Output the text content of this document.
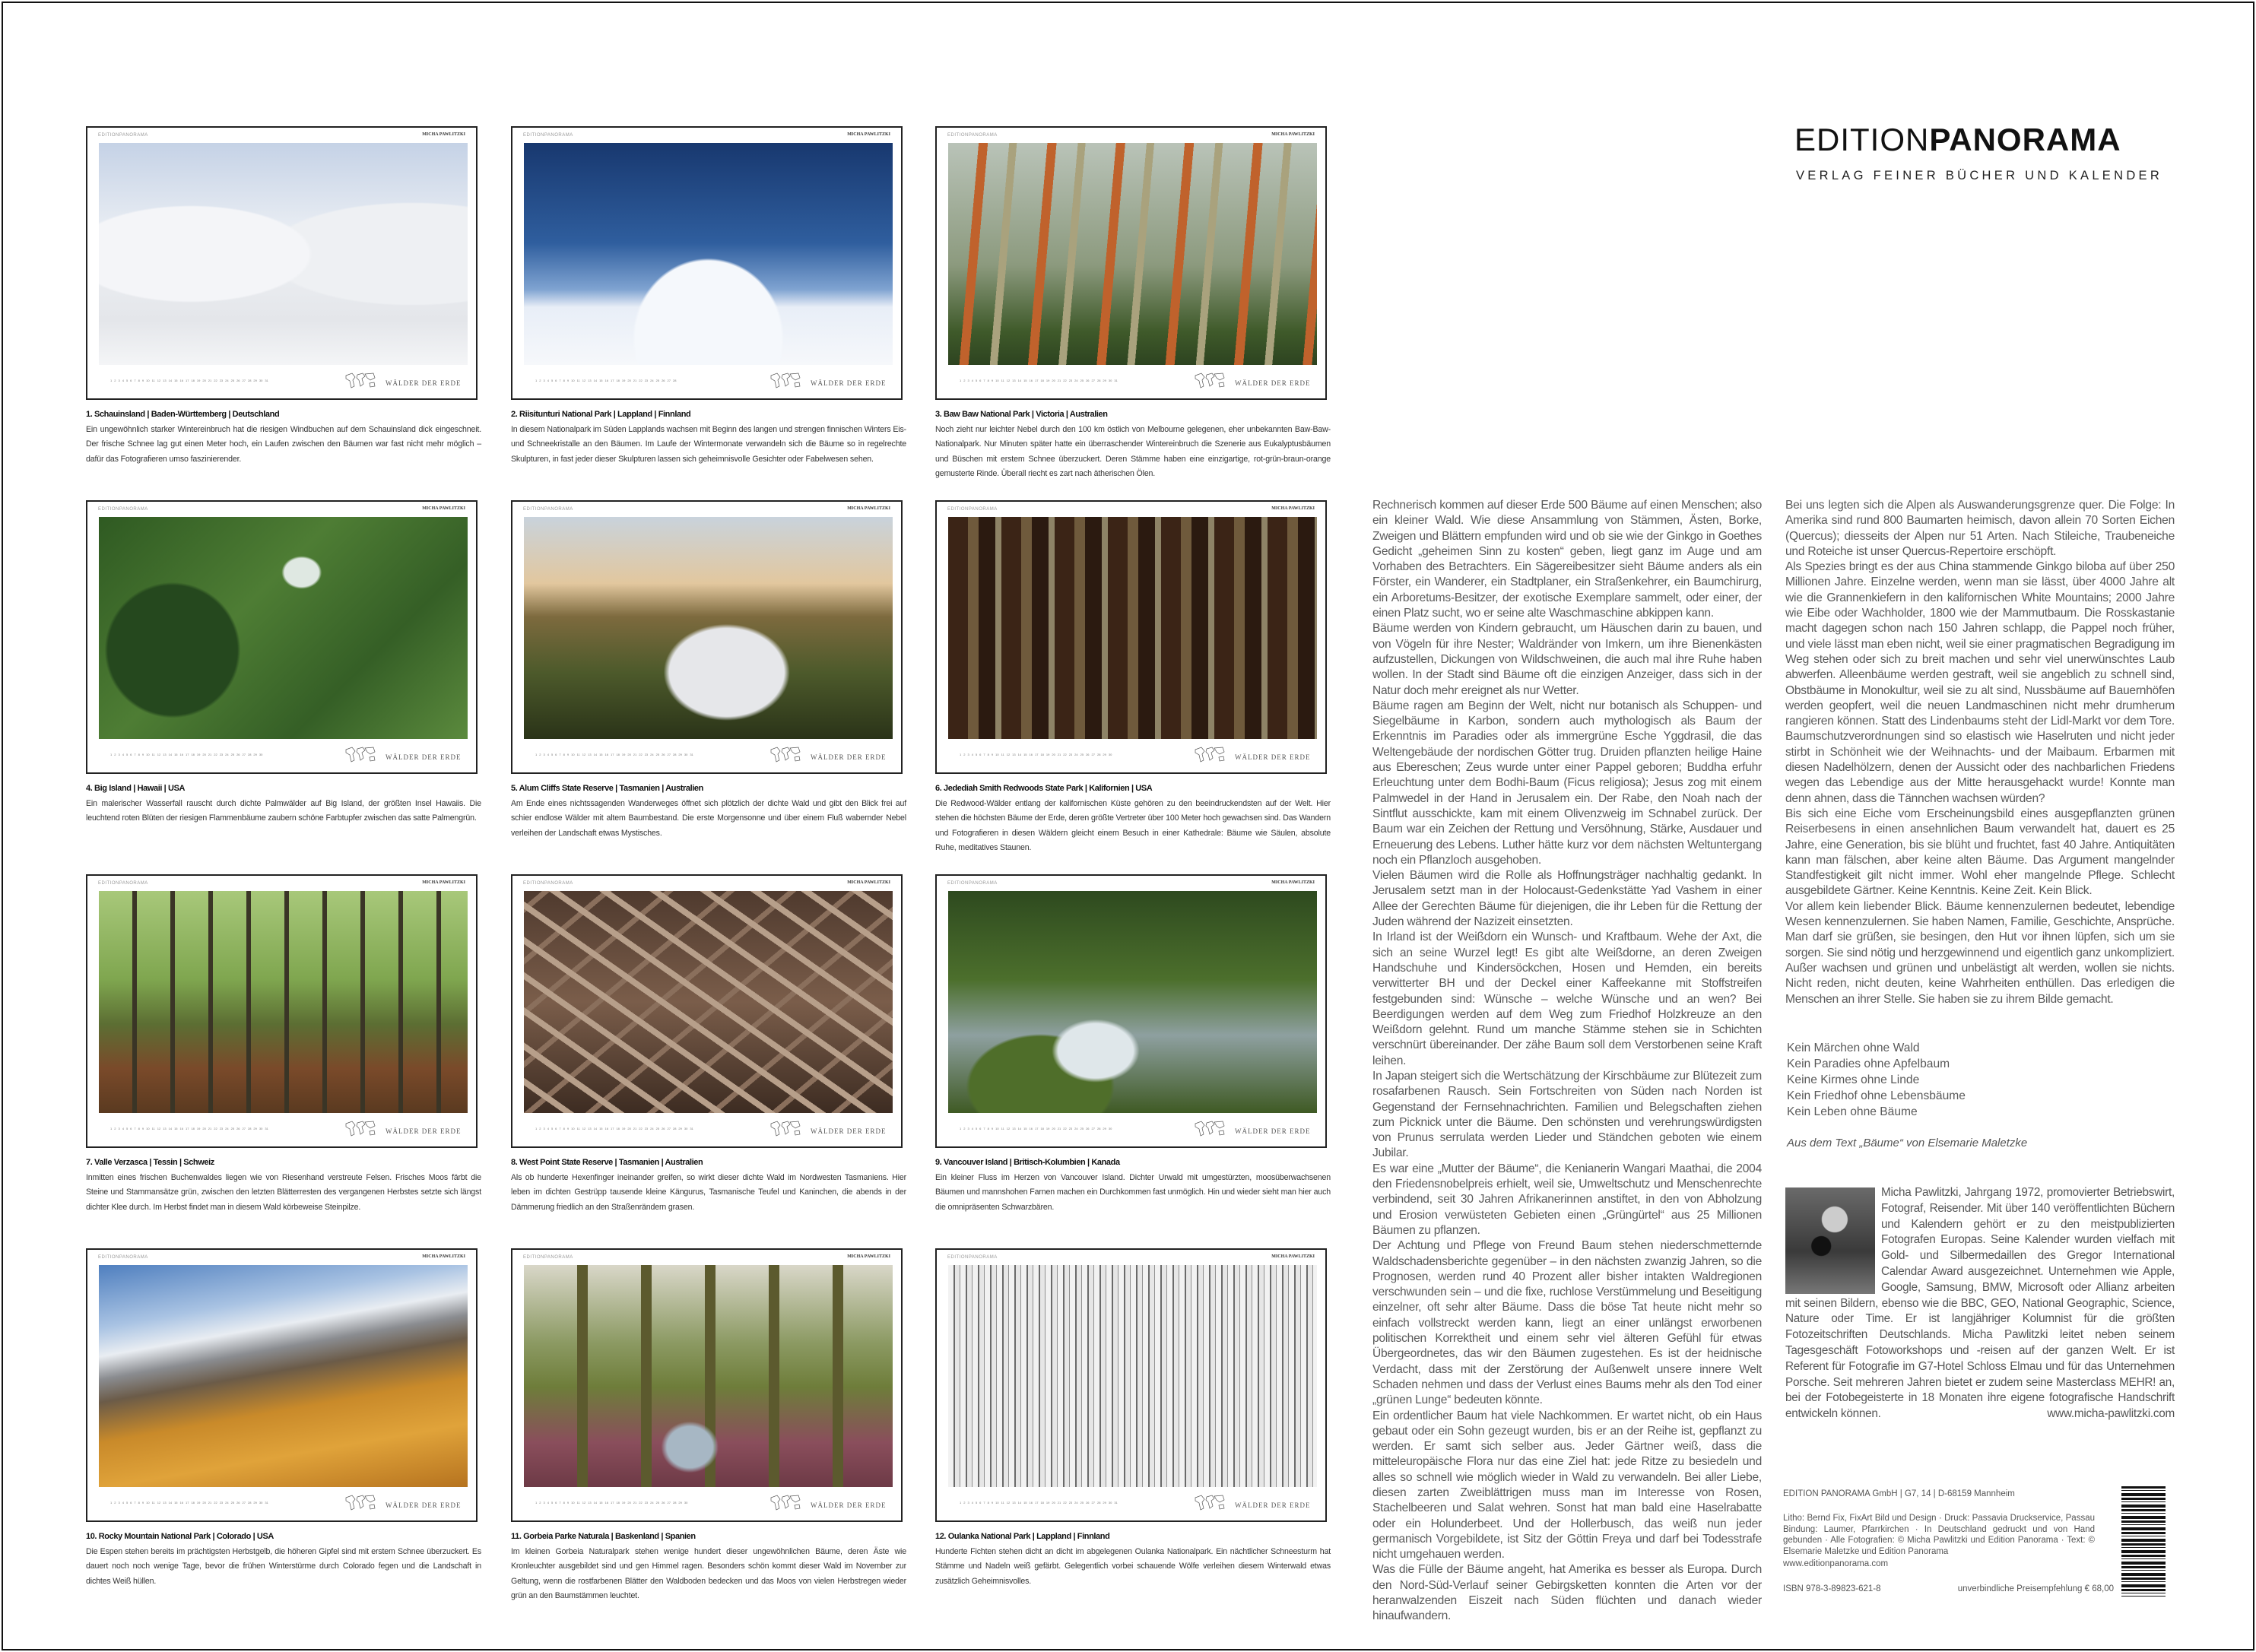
EDITIONPANORAMA	MICHA PAWLITZKI
1 2 3 4 5 6 7 8 9 10 11 12 13 14 15 16 17 18 19 20 21 22 23 24 25 26 27 28 29 30 31	WÄLDER DER ERDE
1. Schauinsland | Baden-Württemberg | Deutschland
Ein ungewöhnlich starker Wintereinbruch hat die riesigen Windbuchen auf dem Schauinsland dick eingeschneit. Der frische Schnee lag gut einen Meter hoch, ein Laufen zwischen den Bäumen war fast nicht mehr möglich – dafür das Fotografieren umso faszinierender.
EDITIONPANORAMA	MICHA PAWLITZKI
1 2 3 4 5 6 7 8 9 10 11 12 13 14 15 16 17 18 19 20 21 22 23 24 25 26 27 28	WÄLDER DER ERDE
2. Riisitunturi National Park | Lappland | Finnland
In diesem Nationalpark im Süden Lapplands wachsen mit Beginn des langen und strengen finnischen Winters Eis- und Schneekristalle an den Bäumen. Im Laufe der Wintermonate verwandeln sich die Bäume so in regelrechte Skulpturen, in fast jeder dieser Skulpturen lassen sich geheimnisvolle Gesichter oder Fabelwesen sehen.
EDITIONPANORAMA	MICHA PAWLITZKI
1 2 3 4 5 6 7 8 9 10 11 12 13 14 15 16 17 18 19 20 21 22 23 24 25 26 27 28 29 30 31	WÄLDER DER ERDE
3. Baw Baw National Park | Victoria | Australien
Noch zieht nur leichter Nebel durch den 100 km östlich von Melbourne gelegenen, eher unbekannten Baw-Baw-Nationalpark. Nur Minuten später hatte ein überraschender Wintereinbruch die Szenerie aus Eukalyptusbäumen und Büschen mit erstem Schnee überzuckert. Deren Stämme haben eine einzigartige, rot-grün-braun-orange gemusterte Rinde. Überall riecht es zart nach ätherischen Ölen.
EDITIONPANORAMA	MICHA PAWLITZKI
1 2 3 4 5 6 7 8 9 10 11 12 13 14 15 16 17 18 19 20 21 22 23 24 25 26 27 28 29 30	WÄLDER DER ERDE
4. Big Island | Hawaii | USA
Ein malerischer Wasserfall rauscht durch dichte Palmwälder auf Big Island, der größten Insel Hawaiis. Die leuchtend roten Blüten der riesigen Flammenbäume zaubern schöne Farbtupfer zwischen das satte Palmengrün.
EDITIONPANORAMA	MICHA PAWLITZKI
1 2 3 4 5 6 7 8 9 10 11 12 13 14 15 16 17 18 19 20 21 22 23 24 25 26 27 28 29 30 31	WÄLDER DER ERDE
5. Alum Cliffs State Reserve | Tasmanien | Australien
Am Ende eines nichtssagenden Wanderweges öffnet sich plötzlich der dichte Wald und gibt den Blick frei auf schier endlose Wälder mit altem Baumbestand. Die erste Morgensonne und über einem Fluß wabernder Nebel verleihen der Landschaft etwas Mystisches.
EDITIONPANORAMA	MICHA PAWLITZKI
1 2 3 4 5 6 7 8 9 10 11 12 13 14 15 16 17 18 19 20 21 22 23 24 25 26 27 28 29 30	WÄLDER DER ERDE
6. Jedediah Smith Redwoods State Park | Kalifornien | USA
Die Redwood-Wälder entlang der kalifornischen Küste gehören zu den beeindruckendsten auf der Welt. Hier stehen die höchsten Bäume der Erde, deren größte Vertreter über 100 Meter hoch gewachsen sind. Das Wandern und Fotografieren in diesen Wäldern gleicht einem Besuch in einer Kathedrale: Bäume wie Säulen, absolute Ruhe, meditatives Staunen.
EDITIONPANORAMA	MICHA PAWLITZKI
1 2 3 4 5 6 7 8 9 10 11 12 13 14 15 16 17 18 19 20 21 22 23 24 25 26 27 28 29 30 31	WÄLDER DER ERDE
7. Valle Verzasca | Tessin | Schweiz
Inmitten eines frischen Buchenwaldes liegen wie von Riesenhand verstreute Felsen. Frisches Moos färbt die Steine und Stammansätze grün, zwischen den letzten Blätterresten des vergangenen Herbstes setzte sich längst dichter Klee durch. Im Herbst findet man in diesem Wald körbeweise Steinpilze.
EDITIONPANORAMA	MICHA PAWLITZKI
1 2 3 4 5 6 7 8 9 10 11 12 13 14 15 16 17 18 19 20 21 22 23 24 25 26 27 28 29 30 31	WÄLDER DER ERDE
8. West Point State Reserve | Tasmanien | Australien
Als ob hunderte Hexenfinger ineinander greifen, so wirkt dieser dichte Wald im Nordwesten Tasmaniens. Hier leben im dichten Gestrüpp tausende kleine Kängurus, Tasmanische Teufel und Kaninchen, die abends in der Dämmerung friedlich an den Straßenrändern grasen.
EDITIONPANORAMA	MICHA PAWLITZKI
1 2 3 4 5 6 7 8 9 10 11 12 13 14 15 16 17 18 19 20 21 22 23 24 25 26 27 28 29 30	WÄLDER DER ERDE
9. Vancouver Island | Britisch-Kolumbien | Kanada
Ein kleiner Fluss im Herzen von Vancouver Island. Dichter Urwald mit umgestürzten, moosüberwachsenen Bäumen und mannshohen Farnen machen ein Durchkommen fast unmöglich. Hin und wieder sieht man hier auch die omnipräsenten Schwarzbären.
EDITIONPANORAMA	MICHA PAWLITZKI
1 2 3 4 5 6 7 8 9 10 11 12 13 14 15 16 17 18 19 20 21 22 23 24 25 26 27 28 29 30 31	WÄLDER DER ERDE
10. Rocky Mountain National Park | Colorado | USA
Die Espen stehen bereits im prächtigsten Herbstgelb, die höheren Gipfel sind mit erstem Schnee überzuckert. Es dauert noch noch wenige Tage, bevor die frühen Winterstürme durch Colorado fegen und die Landschaft in dichtes Weiß hüllen.
EDITIONPANORAMA	MICHA PAWLITZKI
1 2 3 4 5 6 7 8 9 10 11 12 13 14 15 16 17 18 19 20 21 22 23 24 25 26 27 28 29 30	WÄLDER DER ERDE
11. Gorbeia Parke Naturala | Baskenland | Spanien
Im kleinen Gorbeia Naturalpark stehen wenige hundert dieser ungewöhnlichen Bäume, deren Äste wie Kronleuchter ausgebildet sind und gen Himmel ragen. Besonders schön kommt dieser Wald im November zur Geltung, wenn die rostfarbenen Blätter den Waldboden bedecken und das Moos von vielen Herbstregen wieder grün an den Baumstämmen leuchtet.
EDITIONPANORAMA	MICHA PAWLITZKI
1 2 3 4 5 6 7 8 9 10 11 12 13 14 15 16 17 18 19 20 21 22 23 24 25 26 27 28 29 30 31	WÄLDER DER ERDE
12. Oulanka National Park | Lappland | Finnland
Hunderte Fichten stehen dicht an dicht im abgelegenen Oulanka Nationalpark. Ein nächtlicher Schneesturm hat Stämme und Nadeln weiß gefärbt. Gelegentlich vorbei schauende Wölfe verleihen diesem Winterwald etwas zusätzlich Geheimnisvolles.
EDITIONPANORAMA
VERLAG FEINER BÜCHER UND KALENDER

Rechnerisch kommen auf dieser Erde 500 Bäume auf einen Menschen; also ein kleiner Wald. Wie diese Ansammlung von Stämmen, Ästen, Borke, Zweigen und Blättern empfunden wird und ob sie wie der Ginkgo in Goethes Gedicht „geheimen Sinn zu kosten“ geben, liegt ganz im Auge und am Vorhaben des Betrachters. Ein Sägereibesitzer sieht Bäume anders als ein Förster, ein Wanderer, ein Stadtplaner, ein Straßenkehrer, ein Baumchirurg, ein Arboretums-Besitzer, der exotische Exemplare sammelt, oder einer, der einen Platz sucht, wo er seine alte Waschmaschine abkippen kann.

Bäume werden von Kindern gebraucht, um Häuschen darin zu bauen, und von Vögeln für ihre Nester; Waldränder von Imkern, um ihre Bienenkästen aufzustellen, Dickungen von Wildschweinen, die auch mal ihre Ruhe haben wollen. In der Stadt sind Bäume oft die einzigen Anzeiger, dass sich in der Natur doch mehr ereignet als nur Wetter.

Bäume ragen am Beginn der Welt, nicht nur botanisch als Schuppen- und Siegelbäume in Karbon, sondern auch mythologisch als Baum der Erkenntnis im Paradies oder als immergrüne Esche Yggdrasil, die das Weltengebäude der nordischen Götter trug. Druiden pflanzten heilige Haine aus Ebereschen; Zeus wurde unter einer Pappel geboren; Buddha erfuhr Erleuchtung unter dem Bodhi-Baum (Ficus religiosa); Jesus zog mit einem Palmwedel in der Hand in Jerusalem ein. Der Rabe, den Noah nach der Sintflut ausschickte, kam mit einem Olivenzweig im Schnabel zurück. Der Baum war ein Zeichen der Rettung und Versöhnung, Stärke, Ausdauer und Erneuerung des Lebens. Luther hätte kurz vor dem nächsten Weltuntergang noch ein Pflanzloch ausgehoben.

Vielen Bäumen wird die Rolle als Hoffnungsträger nachhaltig gedankt. In Jerusalem setzt man in der Holocaust-Gedenkstätte Yad Vashem in einer Allee der Gerechten Bäume für diejenigen, die ihr Leben für die Rettung der Juden während der Nazizeit einsetzten.

In Irland ist der Weißdorn ein Wunsch- und Kraftbaum. Wehe der Axt, die sich an seine Wurzel legt! Es gibt alte Weißdorne, an deren Zweigen Handschuhe und Kindersöckchen, Hosen und Hemden, ein bereits verwitterter BH und der Deckel einer Kaffeekanne mit Stoffstreifen festgebunden sind: Wünsche – welche Wünsche und an wen? Bei Beerdigungen werden auf dem Weg zum Friedhof Holzkreuze an den Weißdorn gelehnt. Rund um manche Stämme stehen sie in Schichten verschnürt übereinander. Der zähe Baum soll dem Verstorbenen seine Kraft leihen.

In Japan steigert sich die Wertschätzung der Kirschbäume zur Blütezeit zum rosafarbenen Rausch. Sein Fortschreiten von Süden nach Norden ist Gegenstand der Fernsehnachrichten. Familien und Belegschaften ziehen zum Picknick unter die Bäume. Den schönsten und verehrungswürdigsten von Prunus serrulata werden Lieder und Ständchen geboten wie einem Jubilar.

Es war eine „Mutter der Bäume“, die Kenianerin Wangari Maathai, die 2004 den Friedensnobelpreis erhielt, weil sie, Umweltschutz und Menschenrechte verbindend, seit 30 Jahren Afrikanerinnen anstiftet, in den von Abholzung und Erosion verwüsteten Gebieten einen „Grüngürtel“ aus 25 Millionen Bäumen zu pflanzen.

Der Achtung und Pflege von Freund Baum stehen niederschmetternde Waldschadensberichte gegenüber – in den nächsten zwanzig Jahren, so die Prognosen, werden rund 40 Prozent aller bisher intakten Waldregionen verschwunden sein – und die fixe, ruchlose Verstümmelung und Beseitigung einzelner, oft sehr alter Bäume. Dass die böse Tat heute nicht mehr so einfach vollstreckt werden kann, liegt an einer unlängst erworbenen politischen Korrektheit und einem sehr viel älteren Gefühl für etwas Übergeordnetes, das wir den Bäumen zugestehen. Es ist der heidnische Verdacht, dass mit der Zerstörung der Außenwelt unsere innere Welt Schaden nehmen und dass der Verlust eines Baums mehr als den Tod einer „grünen Lunge“ bedeuten könnte.

Ein ordentlicher Baum hat viele Nachkommen. Er wartet nicht, ob ein Haus gebaut oder ein Sohn gezeugt wurden, bis er an der Reihe ist, gepflanzt zu werden. Er samt sich selber aus. Jeder Gärtner weiß, dass die mitteleuropäische Flora nur das eine Ziel hat: jede Ritze zu besiedeln und alles so schnell wie möglich wieder in Wald zu verwandeln. Bei aller Liebe, diesen zarten Zweiblättrigen muss man im Interesse von Rosen, Stachelbeeren und Salat wehren. Sonst hat man bald eine Haselrabatte oder ein Holunderbeet. Und der Hollerbusch, das weiß nun jeder germanisch Vorgebildete, ist Sitz der Göttin Freya und darf bei Todesstrafe nicht umgehauen werden.

Was die Fülle der Bäume angeht, hat Amerika es besser als Europa. Durch den Nord-Süd-Verlauf seiner Gebirgsketten konnten die Arten vor der heranwalzenden Eiszeit nach Süden flüchten und danach wieder hinaufwandern.

Bei uns legten sich die Alpen als Auswanderungsgrenze quer. Die Folge: In Amerika sind rund 800 Baumarten heimisch, davon allein 70 Sorten Eichen (Quercus); diesseits der Alpen nur 51 Arten. Nach Stileiche, Traubeneiche und Roteiche ist unser Quercus-Repertoire erschöpft.

Als Spezies bringt es der aus China stammende Ginkgo biloba auf über 250 Millionen Jahre. Einzelne werden, wenn man sie lässt, über 4000 Jahre alt wie die Grannenkiefern in den kalifornischen White Mountains; 2000 Jahre wie Eibe oder Wachholder, 1800 wie der Mammutbaum. Die Rosskastanie macht dagegen schon nach 150 Jahren schlapp, die Pappel noch früher, und viele lässt man eben nicht, weil sie einer pragmatischen Begradigung im Weg stehen oder sich zu breit machen und sehr viel unerwünschtes Laub abwerfen. Alleenbäume werden gestraft, weil sie angeblich zu schnell sind, Obstbäume in Monokultur, weil sie zu alt sind, Nussbäume auf Bauernhöfen werden geopfert, weil die neuen Landmaschinen nicht mehr drumherum rangieren können. Statt des Lindenbaums steht der Lidl-Markt vor dem Tore. Baumschutzverordnungen sind so elastisch wie Haselruten und nicht jeder stirbt in Schönheit wie der Weihnachts- und der Maibaum. Erbarmen mit diesen Nadelhölzern, denen der Aussicht oder des nachbarlichen Friedens wegen das Lebendige aus der Mitte herausgehackt wurde! Konnte man denn ahnen, dass die Tännchen wachsen würden?

Bis sich eine Eiche vom Erscheinungsbild eines ausgepflanzten grünen Reiserbesens in einen ansehnlichen Baum verwandelt hat, dauert es 25 Jahre, eine Generation, bis sie blüht und fruchtet, fast 40 Jahre. Antiquitäten kann man fälschen, aber keine alten Bäume. Das Argument mangelnder Standfestigkeit gilt nicht immer. Wohl eher mangelnde Pflege. Schlecht ausgebildete Gärtner. Keine Kenntnis. Keine Zeit. Kein Blick.

Vor allem kein liebender Blick. Bäume kennenzulernen bedeutet, lebendige Wesen kennenzulernen. Sie haben Namen, Familie, Geschichte, Ansprüche. Man darf sie grüßen, sie besingen, den Hut vor ihnen lüpfen, sich um sie sorgen. Sie sind nötig und herzgewinnend und eigentlich ganz unkompliziert. Außer wachsen und grünen und unbelästigt alt werden, wollen sie nichts. Nicht reden, nicht deuten, keine Wahrheiten enthüllen. Das erledigen die Menschen an ihrer Stelle. Sie haben sie zu ihrem Bilde gemacht.

Kein Märchen ohne Wald
Kein Paradies ohne Apfelbaum
Keine Kirmes ohne Linde
Kein Friedhof ohne Lebensbäume
Kein Leben ohne Bäume
Aus dem Text „Bäume“ von Elsemarie Maletzke
Micha Pawlitzki, Jahrgang 1972, promovierter Betriebswirt, Fotograf, Reisender. Mit über 140 veröffentlichten Büchern und Kalendern gehört er zu den meistpublizierten Fotografen Europas. Seine Kalender wurden vielfach mit Gold- und Silbermedaillen des Gregor International Calendar Award ausgezeichnet. Unternehmen wie Apple, Google, Samsung, BMW, Microsoft oder Allianz arbeiten mit seinen Bildern, ebenso wie die BBC, GEO, National Geographic, Science, Nature oder Time. Er ist langjähriger Kolumnist für die größten Fotozeitschriften Deutschlands. Micha Pawlitzki leitet neben seinem Tagesgeschäft Fotoworkshops und -reisen auf der ganzen Welt. Er ist Referent für Fotografie im G7-Hotel Schloss Elmau und für das Unternehmen Porsche. Seit mehreren Jahren bietet er zudem seine Masterclass MEHR! an, bei der Fotobegeisterte in 18 Monaten ihre eigene fotografische Handschrift entwickeln können.	www.micha-pawlitzki.com
EDITION PANORAMA GmbH | G7, 14 | D-68159 Mannheim
Litho: Bernd Fix, FixArt Bild und Design · Druck: Passavia Druckservice, Passau Bindung: Laumer, Pfarrkirchen · In Deutschland gedruckt und von Hand gebunden · Alle Fotografien: © Micha Pawlitzki und Edition Panorama · Text: © Elsemarie Maletzke und Edition Panorama
www.editionpanorama.com
ISBN 978-3-89823-621-8	unverbindliche Preisempfehlung € 68,00
